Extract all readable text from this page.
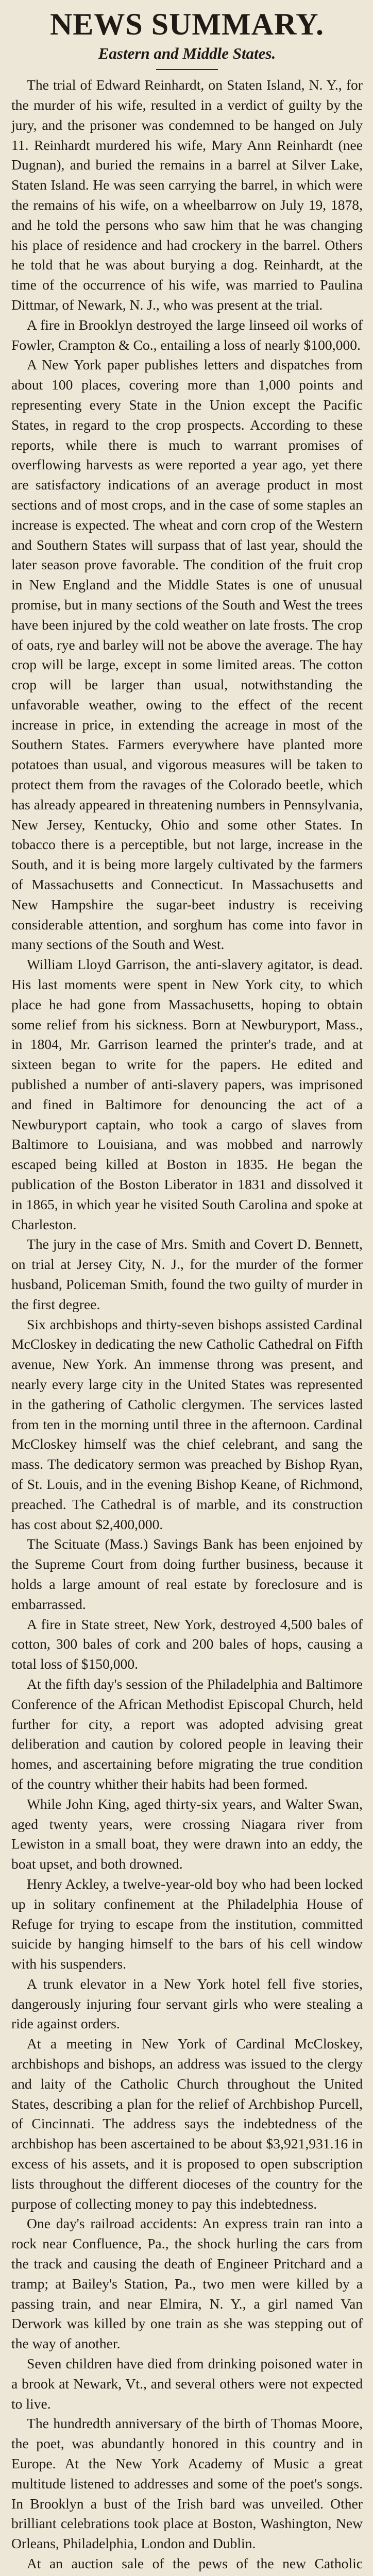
NEWS SUMMARY.
Eastern and Middle States.

The trial of Edward Reinhardt, on Staten Island, N. Y., for the murder of his wife, resulted in a verdict of guilty by the jury, and the prisoner was condemned to be hanged on July 11. Reinhardt murdered his wife, Mary Ann Reinhardt (nee Dugnan), and buried the remains in a barrel at Silver Lake, Staten Island. He was seen carrying the barrel, in which were the remains of his wife, on a wheelbarrow on July 19, 1878, and he told the persons who saw him that he was changing his place of residence and had crockery in the barrel. Others he told that he was about burying a dog. Reinhardt, at the time of the occurrence of his wife, was married to Paulina Dittmar, of Newark, N. J., who was present at the trial.

A fire in Brooklyn destroyed the large linseed oil works of Fowler, Crampton & Co., entailing a loss of nearly $100,000.

A New York paper publishes letters and dispatches from about 100 places, covering more than 1,000 points and representing every State in the Union except the Pacific States, in regard to the crop prospects. According to these reports, while there is much to warrant promises of overflowing harvests as were reported a year ago, yet there are satisfactory indications of an average product in most sections and of most crops, and in the case of some staples an increase is expected. The wheat and corn crop of the Western and Southern States will surpass that of last year, should the later season prove favorable. The condition of the fruit crop in New England and the Middle States is one of unusual promise, but in many sections of the South and West the trees have been injured by the cold weather on late frosts. The crop of oats, rye and barley will not be above the average. The hay crop will be large, except in some limited areas. The cotton crop will be larger than usual, notwithstanding the unfavorable weather, owing to the effect of the recent increase in price, in extending the acreage in most of the Southern States. Farmers everywhere have planted more potatoes than usual, and vigorous measures will be taken to protect them from the ravages of the Colorado beetle, which has already appeared in threatening numbers in Pennsylvania, New Jersey, Kentucky, Ohio and some other States. In tobacco there is a perceptible, but not large, increase in the South, and it is being more largely cultivated by the farmers of Massachusetts and Connecticut. In Massachusetts and New Hampshire the sugar-beet industry is receiving considerable attention, and sorghum has come into favor in many sections of the South and West.

William Lloyd Garrison, the anti-slavery agitator, is dead. His last moments were spent in New York city, to which place he had gone from Massachusetts, hoping to obtain some relief from his sickness. Born at Newburyport, Mass., in 1804, Mr. Garrison learned the printer's trade, and at sixteen began to write for the papers. He edited and published a number of anti-slavery papers, was imprisoned and fined in Baltimore for denouncing the act of a Newburyport captain, who took a cargo of slaves from Baltimore to Louisiana, and was mobbed and narrowly escaped being killed at Boston in 1835. He began the publication of the Boston Liberator in 1831 and dissolved it in 1865, in which year he visited South Carolina and spoke at Charleston.

The jury in the case of Mrs. Smith and Covert D. Bennett, on trial at Jersey City, N. J., for the murder of the former husband, Policeman Smith, found the two guilty of murder in the first degree.

Six archbishops and thirty-seven bishops assisted Cardinal McCloskey in dedicating the new Catholic Cathedral on Fifth avenue, New York. An immense throng was present, and nearly every large city in the United States was represented in the gathering of Catholic clergymen. The services lasted from ten in the morning until three in the afternoon. Cardinal McCloskey himself was the chief celebrant, and sang the mass. The dedicatory sermon was preached by Bishop Ryan, of St. Louis, and in the evening Bishop Keane, of Richmond, preached. The Cathedral is of marble, and its construction has cost about $2,400,000.

The Scituate (Mass.) Savings Bank has been enjoined by the Supreme Court from doing further business, because it holds a large amount of real estate by foreclosure and is embarrassed.

A fire in State street, New York, destroyed 4,500 bales of cotton, 300 bales of cork and 200 bales of hops, causing a total loss of $150,000.

At the fifth day's session of the Philadelphia and Baltimore Conference of the African Methodist Episcopal Church, held further for city, a report was adopted advising great deliberation and caution by colored people in leaving their homes, and ascertaining before migrating the true condition of the country whither their habits had been formed.

While John King, aged thirty-six years, and Walter Swan, aged twenty years, were crossing Niagara river from Lewiston in a small boat, they were drawn into an eddy, the boat upset, and both drowned.

Henry Ackley, a twelve-year-old boy who had been locked up in solitary confinement at the Philadelphia House of Refuge for trying to escape from the institution, committed suicide by hanging himself to the bars of his cell window with his suspenders.

A trunk elevator in a New York hotel fell five stories, dangerously injuring four servant girls who were stealing a ride against orders.

At a meeting in New York of Cardinal McCloskey, archbishops and bishops, an address was issued to the clergy and laity of the Catholic Church throughout the United States, describing a plan for the relief of Archbishop Purcell, of Cincinnati. The address says the indebtedness of the archbishop has been ascertained to be about $3,921,931.16 in excess of his assets, and it is proposed to open subscription lists throughout the different dioceses of the country for the purpose of collecting money to pay this indebtedness.

One day's railroad accidents: An express train ran into a rock near Confluence, Pa., the shock hurling the cars from the track and causing the death of Engineer Pritchard and a tramp; at Bailey's Station, Pa., two men were killed by a passing train, and near Elmira, N. Y., a girl named Van Derwork was killed by one train as she was stepping out of the way of another.

Seven children have died from drinking poisoned water in a brook at Newark, Vt., and several others were not expected to live.

The hundredth anniversary of the birth of Thomas Moore, the poet, was abundantly honored in this country and in Europe. At the New York Academy of Music a great multitude listened to addresses and some of the poet's songs. In Brooklyn a bust of the Irish bard was unveiled. Other brilliant celebrations took place at Boston, Washington, New Orleans, Philadelphia, London and Dublin.

At an auction sale of the pews of the new Catholic
